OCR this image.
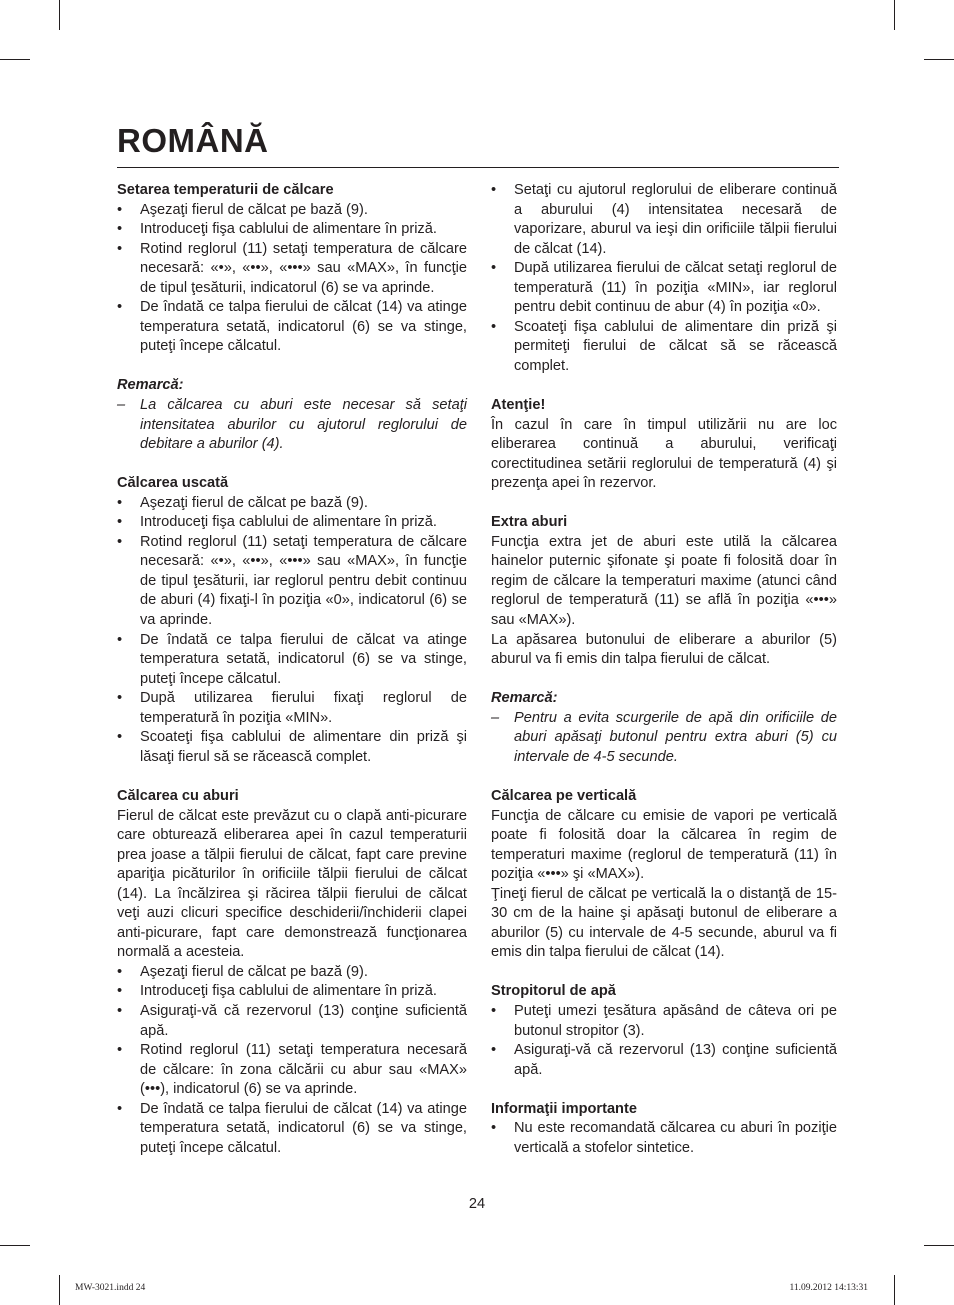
ROMÂNĂ
Setarea temperaturii de călcare
• Aşezaţi fierul de călcat pe bază (9).
• Introduceţi fişa cablului de alimentare în priză.
• Rotind reglorul (11) setaţi temperatura de călcare necesară: «•», «••», «•••» sau «MAX», în funcţie de tipul ţesăturii, indicatorul (6) se va aprinde.
• De îndată ce talpa fierului de călcat (14) va atinge temperatura setată, indicatorul (6) se va stinge, puteţi începe călcatul.
Remarcă:
– La călcarea cu aburi este necesar să setaţi intensitatea aburilor cu ajutorul reglorului de debitare a aburilor (4).
Călcarea uscată
• Aşezaţi fierul de călcat pe bază (9).
• Introduceţi fişa cablului de alimentare în priză.
• Rotind reglorul (11) setaţi temperatura de călcare necesară: «•», «••», «•••» sau «MAX», în funcţie de tipul ţesăturii, iar reglorul pentru debit continuu de aburi (4) fixaţi-l în poziţia «0», indicatorul (6) se va aprinde.
• De îndată ce talpa fierului de călcat va atinge temperatura setată, indicatorul (6) se va stinge, puteţi începe călcatul.
• După utilizarea fierului fixaţi reglorul de temperatură în poziţia «MIN».
• Scoateţi fişa cablului de alimentare din priză şi lăsaţi fierul să se răcească complet.
Călcarea cu aburi

Fierul de călcat este prevăzut cu o clapă anti-picurare care obturează eliberarea apei în cazul temperaturii prea joase a tălpii fierului de călcat, fapt care previne apariţia picăturilor în orificiile tălpii fierului de călcat (14). La încălzirea şi răcirea tălpii fierului de călcat veţi auzi clicuri specifice deschiderii/închiderii clapei anti-picurare, fapt care demonstrează funcţionarea normală a acesteia.

• Aşezaţi fierul de călcat pe bază (9).
• Introduceţi fişa cablului de alimentare în priză.
• Asiguraţi-vă că rezervorul (13) conţine suficientă apă.
• Rotind reglorul (11) setaţi temperatura necesară de călcare: în zona călcării cu abur sau «MAX» (•••), indicatorul (6) se va aprinde.
• De îndată ce talpa fierului de călcat (14) va atinge temperatura setată, indicatorul (6) se va stinge, puteţi începe călcatul.
• Setaţi cu ajutorul reglorului de eliberare continuă a aburului (4) intensitatea necesară de vaporizare, aburul va ieşi din orificiile tălpii fierului de călcat (14).
• După utilizarea fierului de călcat setaţi reglorul de temperatură (11) în poziţia «MIN», iar reglorul pentru debit continuu de abur (4) în poziţia «0».
• Scoateţi fişa cablului de alimentare din priză şi permiteţi fierului de călcat să se răcească complet.
Atenţie!

În cazul în care în timpul utilizării nu are loc eliberarea continuă a aburului, verificaţi corectitudinea setării reglorului de temperatură (4) şi prezenţa apei în rezervor.

Extra aburi

Funcţia extra jet de aburi este utilă la călcarea hainelor puternic şifonate şi poate fi folosită doar în regim de călcare la temperaturi maxime (atunci când reglorul de temperatură (11) se află în poziţia «•••» sau «MAX»).

La apăsarea butonului de eliberare a aburilor (5) aburul va fi emis din talpa fierului de călcat.

Remarcă:
– Pentru a evita scurgerile de apă din orificiile de aburi apăsaţi butonul pentru extra aburi (5) cu intervale de 4-5 secunde.
Călcarea pe verticală

Funcţia de călcare cu emisie de vapori pe verticală poate fi folosită doar la călcarea în regim de temperaturi maxime (reglorul de temperatură (11) în poziţia «•••» şi «MAX»).

Ţineţi fierul de călcat pe verticală la o distanţă de 15-30 cm de la haine şi apăsaţi butonul de eliberare a aburilor (5) cu intervale de 4-5 secunde, aburul va fi emis din talpa fierului de călcat (14).

Stropitorul de apă
• Puteţi umezi ţesătura apăsând de câteva ori pe butonul stropitor (3).
• Asiguraţi-vă că rezervorul (13) conţine suficientă apă.
Informaţii importante
• Nu este recomandată călcarea cu aburi în poziţie verticală a stofelor sintetice.
24
MW-3021.indd 24	11.09.2012 14:13:31
